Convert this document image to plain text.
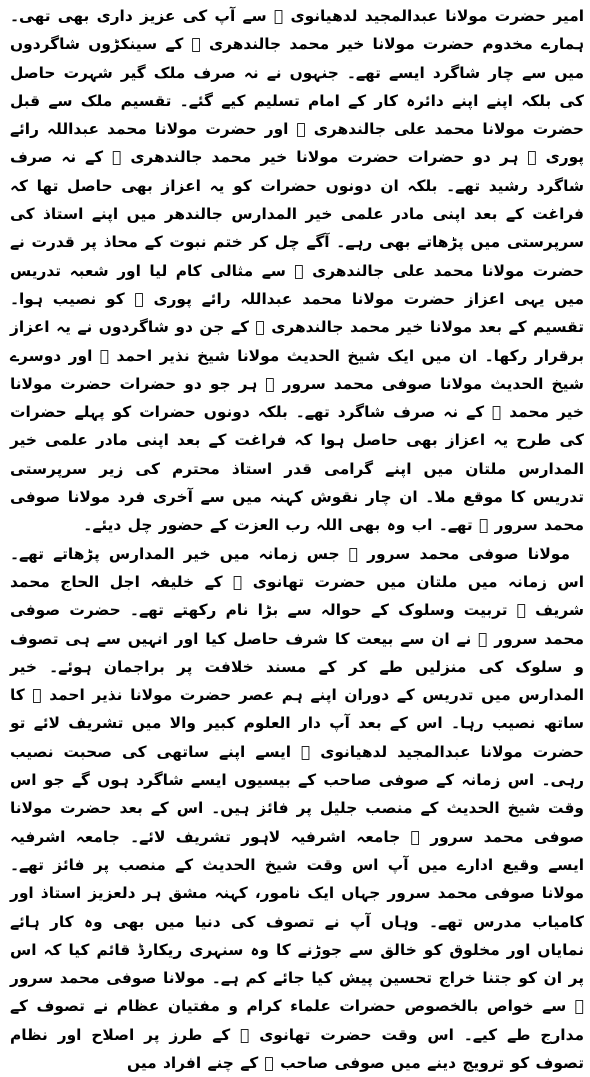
امیر حضرت مولانا عبدالمجید لدھیانوی ﷫ سے آپ کی عزیز داری بھی تھی۔ ہمارے مخدوم حضرت مولانا خیر محمد جالندھری ﷫ کے سینکڑوں شاگردوں میں سے چار شاگرد ایسے تھے۔ جنہوں نے نہ صرف ملک گیر شہرت حاصل کی بلکہ اپنے اپنے دائرہ کار کے امام تسلیم کیے گئے۔ تقسیم ملک سے قبل حضرت مولانا محمد علی جالندھری ﷫ اور حضرت مولانا محمد عبداللہ رائے پوری ﷫ ہر دو حضرات حضرت مولانا خیر محمد جالندھری ﷫ کے نہ صرف شاگرد رشید تھے۔ بلکہ ان دونوں حضرات کو یہ اعزاز بھی حاصل تھا کہ فراغت کے بعد اپنی مادر علمی خیر المدارس جالندھر میں اپنے استاذ کی سرپرستی میں پڑھاتے بھی رہے۔ آگے چل کر ختم نبوت کے محاذ پر قدرت نے حضرت مولانا محمد علی جالندھری ﷫ سے مثالی کام لیا اور شعبہ تدریس میں یہی اعزاز حضرت مولانا محمد عبداللہ رائے پوری ﷫ کو نصیب ہوا۔ تقسیم کے بعد مولانا خیر محمد جالندھری ﷫ کے جن دو شاگردوں نے یہ اعزاز برقرار رکھا۔ ان میں ایک شیخ الحدیث مولانا شیخ نذیر احمد ﷫ اور دوسرے شیخ الحدیث مولانا صوفی محمد سرور ﷫ ہر جو دو حضرات حضرت مولانا خیر محمد ﷫ کے نہ صرف شاگرد تھے۔ بلکہ دونوں حضرات کو پہلے حضرات کی طرح یہ اعزاز بھی حاصل ہوا کہ فراغت کے بعد اپنی مادر علمی خیر المدارس ملتان میں اپنے گرامی قدر استاذ محترم کی زیر سرپرستی تدریس کا موقع ملا۔ ان چار نقوش کہنہ میں سے آخری فرد مولانا صوفی محمد سرور ﷫ تھے۔ اب وہ بھی اللہ رب العزت کے حضور چل دیئے۔

مولانا صوفی محمد سرور ﷫ جس زمانہ میں خیر المدارس پڑھاتے تھے۔ اس زمانہ میں ملتان میں حضرت تھانوی ﷫ کے خلیفہ اجل الحاج محمد شریف ﷫ تربیت وسلوک کے حوالہ سے بڑا نام رکھتے تھے۔ حضرت صوفی محمد سرور ﷫ نے ان سے بیعت کا شرف حاصل کیا اور انہیں سے ہی تصوف و سلوک کی منزلیں طے کر کے مسند خلافت پر براجمان ہوئے۔ خیر المدارس میں تدریس کے دوران اپنے ہم عصر حضرت مولانا نذیر احمد ﷫ کا ساتھ نصیب رہا۔ اس کے بعد آپ دار العلوم کبیر والا میں تشریف لائے تو حضرت مولانا عبدالمجید لدھیانوی ﷫ ایسے اپنے ساتھی کی صحبت نصیب رہی۔ اس زمانہ کے صوفی صاحب کے بیسیوں ایسے شاگرد ہوں گے جو اس وقت شیخ الحدیث کے منصب جلیل پر فائز ہیں۔ اس کے بعد حضرت مولانا صوفی محمد سرور ﷫ جامعہ اشرفیہ لاہور تشریف لائے۔ جامعہ اشرفیہ ایسے وقیع ادارے میں آپ اس وقت شیخ الحدیث کے منصب پر فائز تھے۔ مولانا صوفی محمد سرور جہاں ایک نامور، کہنہ مشق ہر دلعزیز استاذ اور کامیاب مدرس تھے۔ وہاں آپ نے تصوف کی دنیا میں بھی وہ کار ہائے نمایاں اور مخلوق کو خالق سے جوڑنے کا وہ سنہری ریکارڈ قائم کیا کہ اس پر ان کو جتنا خراج تحسین پیش کیا جائے کم ہے۔ مولانا صوفی محمد سرور ﷫ سے خواص بالخصوص حضرات علماء کرام و مفتیان عظام نے تصوف کے مدارج طے کیے۔ اس وقت حضرت تھانوی ﷫ کے طرز پر اصلاح اور نظام تصوف کو ترویج دینے میں صوفی صاحب ﷫ کے چنے افراد میں
